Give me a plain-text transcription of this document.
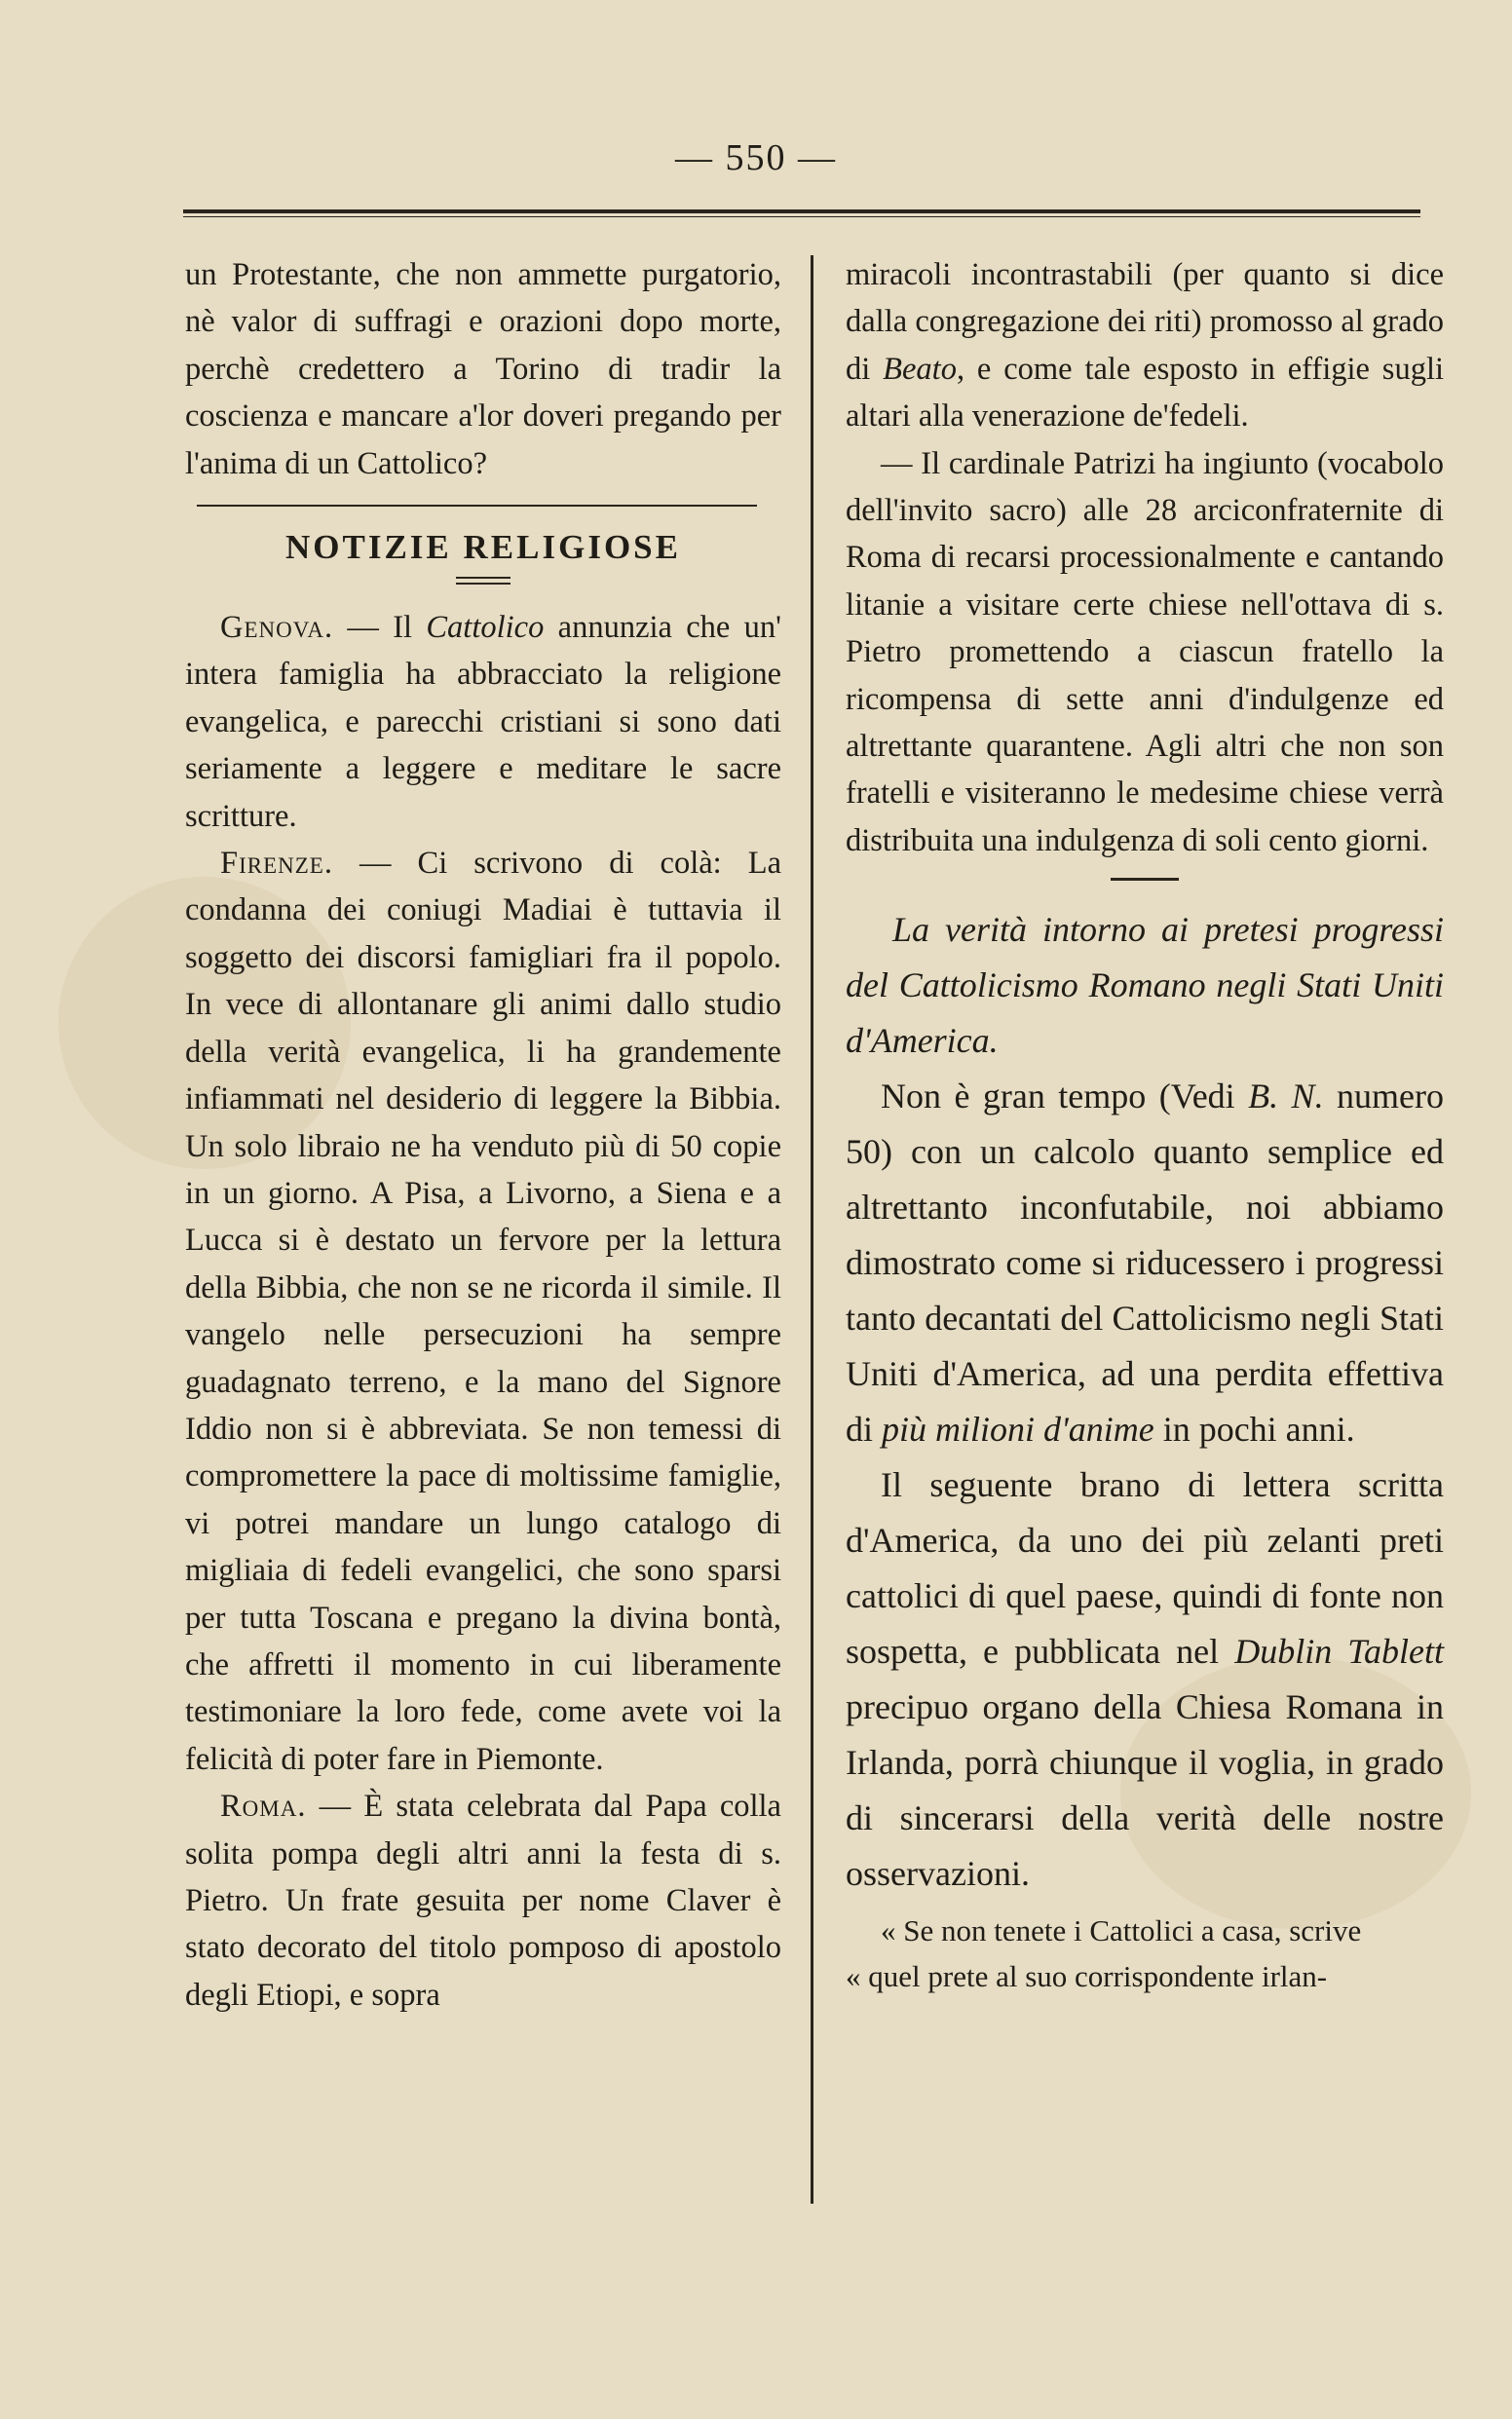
— 550 —

un Protestante, che non ammette purgatorio, nè valor di suffragi e orazioni dopo morte, perchè credettero a Torino di tradir la coscienza e mancare a'lor doveri pregando per l'anima di un Cattolico?

NOTIZIE RELIGIOSE

Genova. — Il Cattolico annunzia che un' intera famiglia ha abbracciato la religione evangelica, e parecchi cristiani si sono dati seriamente a leggere e meditare le sacre scritture.

Firenze. — Ci scrivono di colà: La condanna dei coniugi Madiai è tuttavia il soggetto dei discorsi famigliari fra il popolo. In vece di allontanare gli animi dallo studio della verità evangelica, li ha grandemente infiammati nel desiderio di leggere la Bibbia. Un solo libraio ne ha venduto più di 50 copie in un giorno. A Pisa, a Livorno, a Siena e a Lucca si è destato un fervore per la lettura della Bibbia, che non se ne ricorda il simile. Il vangelo nelle persecuzioni ha sempre guadagnato terreno, e la mano del Signore Iddio non si è abbreviata. Se non temessi di compromettere la pace di moltissime famiglie, vi potrei mandare un lungo catalogo di migliaia di fedeli evangelici, che sono sparsi per tutta Toscana e pregano la divina bontà, che affretti il momento in cui liberamente testimoniare la loro fede, come avete voi la felicità di poter fare in Piemonte.

Roma. — È stata celebrata dal Papa colla solita pompa degli altri anni la festa di s. Pietro. Un frate gesuita per nome Claver è stato decorato del titolo pomposo di apostolo degli Etiopi, e sopra

miracoli incontrastabili (per quanto si dice dalla congregazione dei riti) promosso al grado di Beato, e come tale esposto in effigie sugli altari alla venerazione de'fedeli.

— Il cardinale Patrizi ha ingiunto (vocabolo dell'invito sacro) alle 28 arciconfraternite di Roma di recarsi processionalmente e cantando litanie a visitare certe chiese nell'ottava di s. Pietro promettendo a ciascun fratello la ricompensa di sette anni d'indulgenze ed altrettante quarantene. Agli altri che non son fratelli e visiteranno le medesime chiese verrà distribuita una indulgenza di soli cento giorni.

La verità intorno ai pretesi progressi del Cattolicismo Romano negli Stati Uniti d'America.

Non è gran tempo (Vedi B. N. numero 50) con un calcolo quanto semplice ed altrettanto inconfutabile, noi abbiamo dimostrato come si riducessero i progressi tanto decantati del Cattolicismo negli Stati Uniti d'America, ad una perdita effettiva di più milioni d'anime in pochi anni.

Il seguente brano di lettera scritta d'America, da uno dei più zelanti preti cattolici di quel paese, quindi di fonte non sospetta, e pubblicata nel Dublin Tablett precipuo organo della Chiesa Romana in Irlanda, porrà chiunque il voglia, in grado di sincerarsi della verità delle nostre osservazioni.

« Se non tenete i Cattolici a casa, scrive

« quel prete al suo corrispondente irlan-
